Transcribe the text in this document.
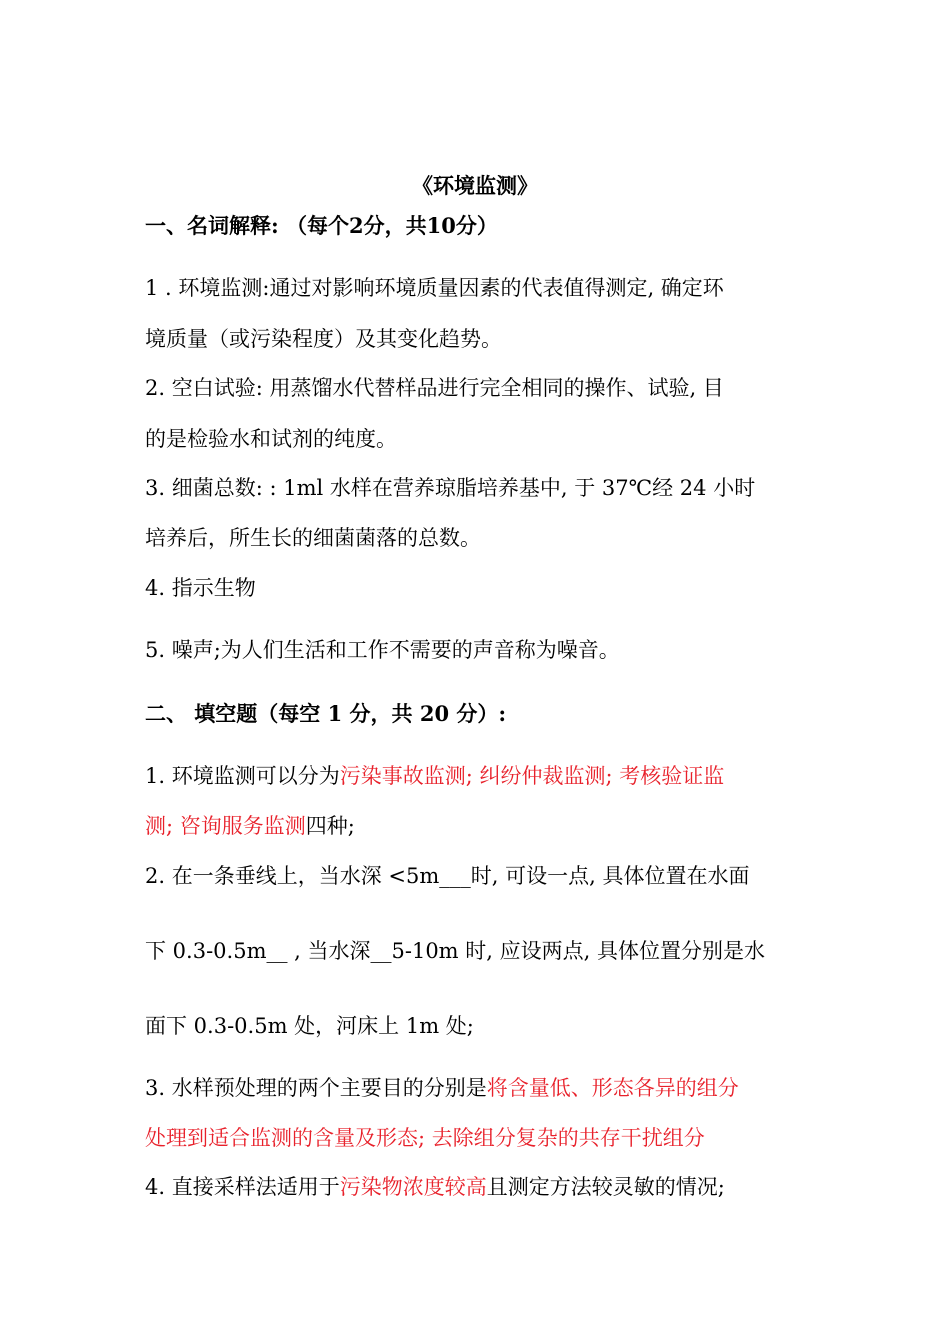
《环境监测》
一、名词解释: （每个2分，共10分）
1 . 环境监测:通过对影响环境质量因素的代表值得测定, 确定环
境质量（或污染程度）及其变化趋势。
2. 空白试验: 用蒸馏水代替样品进行完全相同的操作、试验, 目
的是检验水和试剂的纯度。
3. 细菌总数: : 1ml 水样在营养琼脂培养基中, 于 37℃经 24 小时
培养后，所生长的细菌菌落的总数。
4. 指示生物
5. 噪声;为人们生活和工作不需要的声音称为噪音。
二、 填空题（每空 1 分，共 20 分）:
1. 环境监测可以分为污染事故监测; 纠纷仲裁监测; 考核验证监
测; 咨询服务监测四种;
2. 在一条垂线上，当水深 <5m___时, 可设一点, 具体位置在水面
下 0.3-0.5m__ , 当水深__5-10m 时, 应设两点, 具体位置分别是水
面下 0.3-0.5m 处，河床上 1m 处;
3. 水样预处理的两个主要目的分别是将含量低、形态各异的组分
处理到适合监测的含量及形态; 去除组分复杂的共存干扰组分
4. 直接采样法适用于污染物浓度较高且测定方法较灵敏的情况;
